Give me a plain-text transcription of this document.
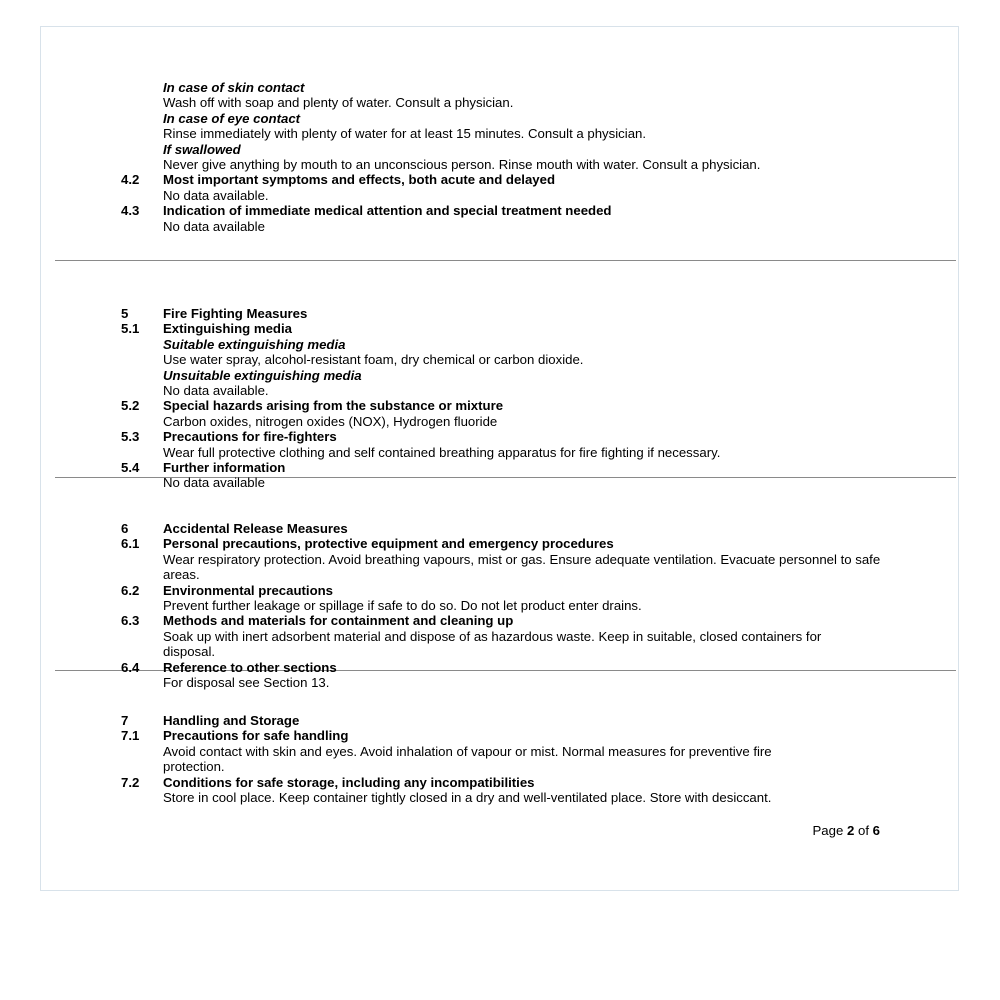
In case of skin contact
Wash off with soap and plenty of water. Consult a physician.
In case of eye contact
Rinse immediately with plenty of water for at least 15 minutes. Consult a physician.
If swallowed
Never give anything by mouth to an unconscious person. Rinse mouth with water. Consult a physician.
4.2	Most important symptoms and effects, both acute and delayed
No data available.
4.3	Indication of immediate medical attention and special treatment needed
No data available
5	Fire Fighting Measures
5.1	Extinguishing media
Suitable extinguishing media
Use water spray, alcohol-resistant foam, dry chemical or carbon dioxide.
Unsuitable extinguishing media
No data available.
5.2	Special hazards arising from the substance or mixture
Carbon oxides, nitrogen oxides (NOX), Hydrogen fluoride
5.3	Precautions for fire-fighters
Wear full protective clothing and self contained breathing apparatus for fire fighting if necessary.
5.4	Further information
No data available
6	Accidental Release Measures
6.1	Personal precautions, protective equipment and emergency procedures
Wear respiratory protection. Avoid breathing vapours, mist or gas. Ensure adequate ventilation. Evacuate personnel to safe areas.
6.2	Environmental precautions
Prevent further leakage or spillage if safe to do so. Do not let product enter drains.
6.3	Methods and materials for containment and cleaning up
Soak up with inert adsorbent material and dispose of as hazardous waste. Keep in suitable, closed containers for disposal.
6.4	Reference to other sections
For disposal see Section 13.
7	Handling and Storage
7.1	Precautions for safe handling
Avoid contact with skin and eyes. Avoid inhalation of vapour or mist. Normal measures for preventive fire protection.
7.2	Conditions for safe storage, including any incompatibilities
Store in cool place. Keep container tightly closed in a dry and well-ventilated place. Store with desiccant.
Page 2 of 6
